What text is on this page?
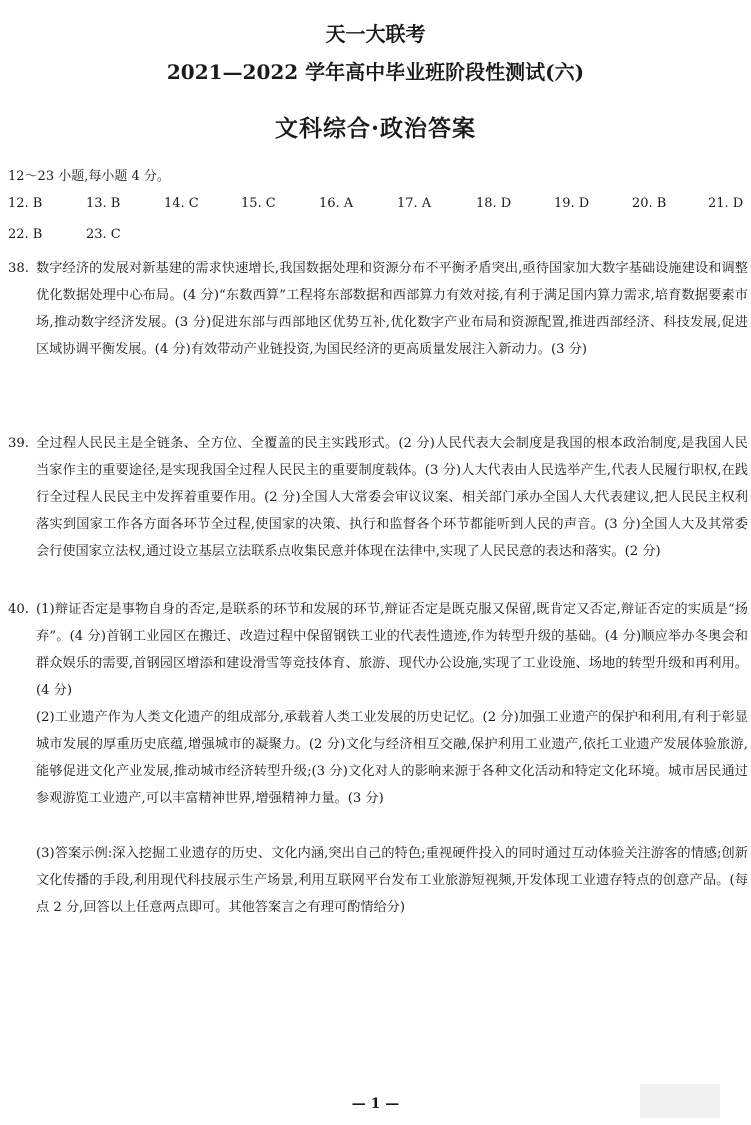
天一大联考
2021—2022 学年高中毕业班阶段性测试(六)
文科综合·政治答案
12～23 小题,每小题 4 分。
12. B	13. B	14. C	15. C	16. A	17. A	18. D	19. D	20. B	21. D
22. B	23. C
38. 数字经济的发展对新基建的需求快速增长,我国数据处理和资源分布不平衡矛盾突出,亟待国家加大数字基础设施建设和调整优化数据处理中心布局。(4 分)“东数西算”工程将东部数据和西部算力有效对接,有利于满足国内算力需求,培育数据要素市场,推动数字经济发展。(3 分)促进东部与西部地区优势互补,优化数字产业布局和资源配置,推进西部经济、科技发展,促进区域协调平衡发展。(4 分)有效带动产业链投资,为国民经济的更高质量发展注入新动力。(3 分)
39. 全过程人民民主是全链条、全方位、全覆盖的民主实践形式。(2 分)人民代表大会制度是我国的根本政治制度,是我国人民当家作主的重要途径,是实现我国全过程人民民主的重要制度载体。(3 分)人大代表由人民选举产生,代表人民履行职权,在践行全过程人民民主中发挥着重要作用。(2 分)全国人大常委会审议议案、相关部门承办全国人大代表建议,把人民民主权利落实到国家工作各方面各环节全过程,使国家的决策、执行和监督各个环节都能听到人民的声音。(3 分)全国人大及其常委会行使国家立法权,通过设立基层立法联系点收集民意并体现在法律中,实现了人民民意的表达和落实。(2 分)
40. (1)辩证否定是事物自身的否定,是联系的环节和发展的环节,辩证否定是既克服又保留,既肯定又否定,辩证否定的实质是“扬弃”。(4 分)首钢工业园区在搬迁、改造过程中保留钢铁工业的代表性遗迹,作为转型升级的基础。(4 分)顺应举办冬奥会和群众娱乐的需要,首钢园区增添和建设滑雪等竞技体育、旅游、现代办公设施,实现了工业设施、场地的转型升级和再利用。(4 分)
(2)工业遗产作为人类文化遗产的组成部分,承载着人类工业发展的历史记忆。(2 分)加强工业遗产的保护和利用,有利于彰显城市发展的厚重历史底蕴,增强城市的凝聚力。(2 分)文化与经济相互交融,保护利用工业遗产,依托工业遗产发展体验旅游,能够促进文化产业发展,推动城市经济转型升级;(3 分)文化对人的影响来源于各种文化活动和特定文化环境。城市居民通过参观游览工业遗产,可以丰富精神世界,增强精神力量。(3 分)
(3)答案示例:深入挖掘工业遗存的历史、文化内涵,突出自己的特色;重视硬件投入的同时通过互动体验关注游客的情感;创新文化传播的手段,利用现代科技展示生产场景,利用互联网平台发布工业旅游短视频,开发体现工业遗存特点的创意产品。(每点 2 分,回答以上任意两点即可。其他答案言之有理可酌情给分)
— 1 —
